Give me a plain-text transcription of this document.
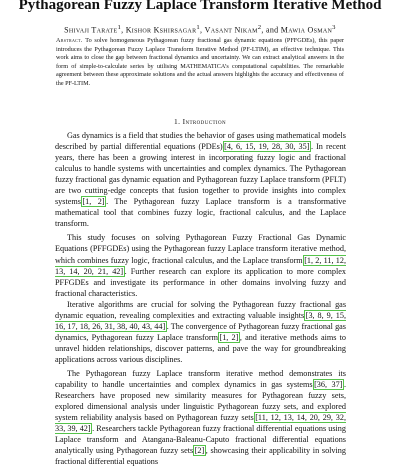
Pythagorean Fuzzy Laplace Transform Iterative Method
Shivaji Tarate$^1$, Kishor Kshirsagar$^1$, Vasant Nikam$^2$, and Mawia Osman$^3$
Abstract. To solve homogeneous Pythagorean fuzzy fractional gas dynamic equations (PFFGDEs), this paper introduces the Pythagorean Fuzzy Laplace Transform Iterative Method (PF-LTIM), an effective technique. This work aims to close the gap between fractional dynamics and uncertainty. We can extract analytical answers in the form of simple-to-calculate series by utilising MATHEMATICA’s computational capabilities. The remarkable agreement between these approximate solutions and the actual answers highlights the accuracy and effectiveness of the PF-LTIM.
1. Introduction

Gas dynamics is a field that studies the behavior of gases using mathematical models described by partial differential equations (PDEs) [4, 6, 15, 19, 28, 30, 35] . In recent years, there has been a growing interest in incorporating fuzzy logic and fractional calculus to handle systems with uncertainties and complex dynamics. The Pythagorean fuzzy fractional gas dynamic equation and Pythagorean fuzzy Laplace transform (PFLT) are two cutting-edge concepts that fusion together to provide insights into complex systems [1, 2] . The Pythagorean fuzzy Laplace transform is a transformative mathematical tool that combines fuzzy logic, fractional calculus, and the Laplace transform.

This study focuses on solving Pythagorean Fuzzy Fractional Gas Dynamic Equations (PFFGDEs) using the Pythagorean fuzzy Laplace transform iterative method, which combines fuzzy logic, fractional calculus, and the Laplace transform [1, 2, 11, 12, 13, 14, 20, 21, 42] . Further research can explore its application to more complex PFFGDEs and investigate its performance in other domains involving fuzzy and fractional characteristics.

Iterative algorithms are crucial for solving the Pythagorean fuzzy fractional gas dynamic equation, revealing complexities and extracting valuable insights [3, 8, 9, 15, 16, 17, 18, 26, 31, 38, 40, 43, 44] . The convergence of Pythagorean fuzzy fractional gas dynamics, Pythagorean fuzzy Laplace transform [1, 2] , and iterative methods aims to unravel hidden relationships, discover patterns, and pave the way for groundbreaking applications across various disciplines.

The Pythagorean fuzzy Laplace transform iterative method demonstrates its capability to handle uncertainties and complex dynamics in gas systems [36, 37] . Researchers have proposed new similarity measures for Pythagorean fuzzy sets, explored dimensional analysis under linguistic Pythagorean fuzzy sets, and explored system reliability analysis based on Pythagorean fuzzy sets [11, 12, 13, 14, 20, 29, 32, 33, 39, 42] . Researchers tackle Pythagorean fuzzy fractional differential equations using Laplace transform and Atangana-Baleanu-Caputo fractional differential equations analytically using Pythagorean fuzzy sets [2] , showcasing their applicability in solving fractional differential equations
